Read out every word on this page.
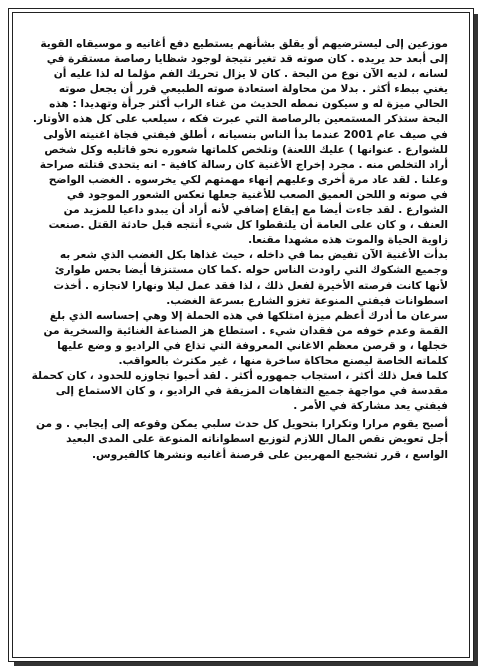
موزعين إلى ليسترضيهم أو يقلق بشأنهم يستطيع دفع أغانيه و موسيقاه القوية إلى أبعد حد يريده . كان صوته قد تغير نتيجة لوجود شظايا رصاصة مستقرة في لسانه ، لديه الآن نوع من البحة . كان لا يزال تحريك الفم مؤلما له لذا عليه أن يغني ببطء أكثر . بدلا من محاولة استعادة صوته الطبيعي قرر أن يجعل صوته الحالي ميزة له و سيكون نمطه الحديث من غناء الراب أكثر جرأة وتهديدا : هذه البحة ستذكر المستمعين بالرصاصة التي عبرت فكه ، سيلعب على كل هذه الأوتار.

في صيف عام 2001 عندما بدأ الناس بنسيانه ، أطلق فيفتي فجاة اغنيته الأولى للشوارع . عنوانها ) عليك اللعنة) وتلخص كلماتها شعوره نحو قاتليه وكل شخص أراد التخلص منه . مجرد إخراج الأغنية كان رسالة كافية - انه يتحدى قتلته صراحة وعلنا . لقد عاد مرة أخرى وعليهم إنهاء مهمتهم لكي يخرسوه . الغضب الواضح في صوته و اللحن العميق الصعب للأغنية جعلها تعكس الشعور الموجود في الشوارع . لقد جاءت أيضا مع إيقاع إضافي لأنه أراد أن يبدو داعيا للمزيد من العنف ، و كان على العامة أن يلتقطوا كل شيء أنتجه قبل حادثة القتل .صنعت زاوية الحياة والموت هذه مشهدا مقنعا.

بدأت الأغنية الآن تفيض بما في داخله ، حيث غذاها بكل الغضب الذي شعر به وجميع الشكوك التي راودت الناس حوله .كما كان مستنزفا أيضا بحس طوارئ لأنها كانت فرصته الأخيرة لفعل ذلك ، لذا فقد عمل ليلا ونهارا لانجازه . أخذت اسطوانات فيفتي المنوعة تغزو الشارع بسرعة الغضب.

سرعان ما أدرك أعظم ميزة امتلكها في هذه الحملة إلا وهي إحساسه الذي بلغ القمة وعدم خوفه من فقدان شيء . استطاع هز الصناعة الغنائية والسخرية من خجلها ، و قرصن معظم الاغاني المعروفة التي تذاع في الراديو و وضع عليها كلماته الخاصة ليصنع محاكاة ساخرة منها ، غير مكترث بالعواقب.

كلما فعل ذلك أكثر ، استجاب جمهوره أكثر . لقد أحبوا تجاوزه للحدود ، كان كحملة مقدسة في مواجهة جميع التفاهات المزيفة في الراديو ، و كان الاستماع إلى فيفتي يعد مشاركة في الأمر .

أصبح يقوم مرارا وتكرارا بتحويل كل حدث سلبي يمكن وقوعه إلى إيجابي . و من أجل تعويض نقص المال اللازم لتوزيع اسطواناته المنوعة على المدى البعيد الواسع ، قرر تشجيع المهربين على قرصنة أغانيه ونشرها كالفيروس.
